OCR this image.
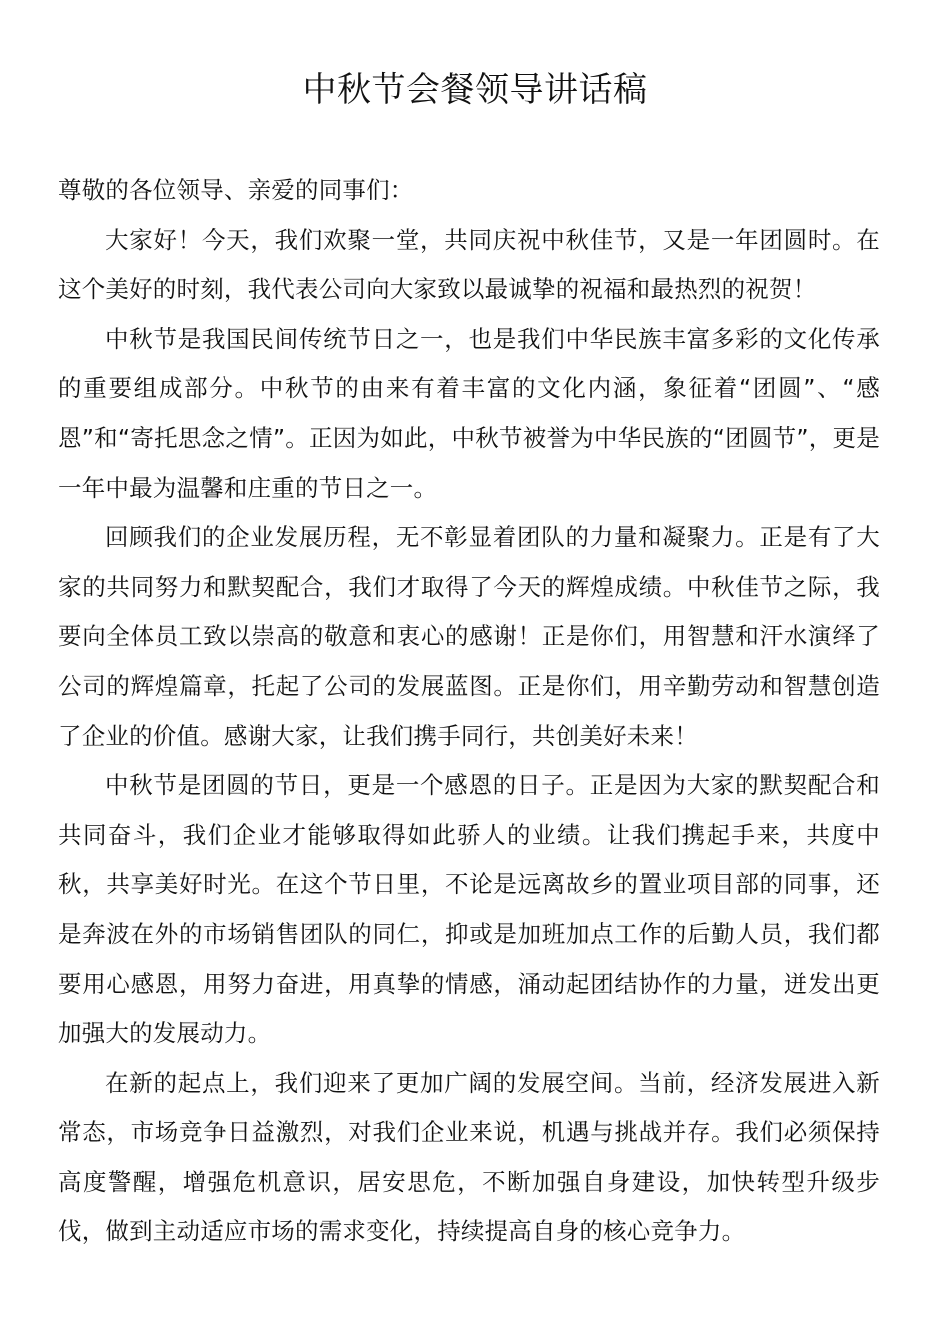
中秋节会餐领导讲话稿

尊敬的各位领导、亲爱的同事们：

大家好！今天，我们欢聚一堂，共同庆祝中秋佳节，又是一年团圆时。在这个美好的时刻，我代表公司向大家致以最诚挚的祝福和最热烈的祝贺！

中秋节是我国民间传统节日之一，也是我们中华民族丰富多彩的文化传承的重要组成部分。中秋节的由来有着丰富的文化内涵，象征着“团圆”、“感恩”和“寄托思念之情”。正因为如此，中秋节被誉为中华民族的“团圆节”，更是一年中最为温馨和庄重的节日之一。

回顾我们的企业发展历程，无不彰显着团队的力量和凝聚力。正是有了大家的共同努力和默契配合，我们才取得了今天的辉煌成绩。中秋佳节之际，我要向全体员工致以崇高的敬意和衷心的感谢！正是你们，用智慧和汗水演绎了公司的辉煌篇章，托起了公司的发展蓝图。正是你们，用辛勤劳动和智慧创造了企业的价值。感谢大家，让我们携手同行，共创美好未来！

中秋节是团圆的节日，更是一个感恩的日子。正是因为大家的默契配合和共同奋斗，我们企业才能够取得如此骄人的业绩。让我们携起手来，共度中秋，共享美好时光。在这个节日里，不论是远离故乡的置业项目部的同事，还是奔波在外的市场销售团队的同仁，抑或是加班加点工作的后勤人员，我们都要用心感恩，用努力奋进，用真挚的情感，涌动起团结协作的力量，迸发出更加强大的发展动力。

在新的起点上，我们迎来了更加广阔的发展空间。当前，经济发展进入新常态，市场竞争日益激烈，对我们企业来说，机遇与挑战并存。我们必须保持高度警醒，增强危机意识，居安思危，不断加强自身建设，加快转型升级步伐，做到主动适应市场的需求变化，持续提高自身的核心竞争力。
